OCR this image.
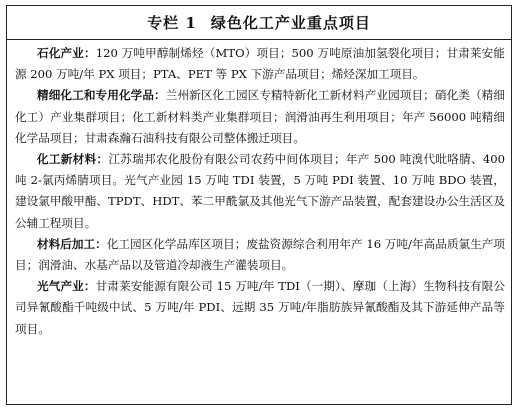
专栏 1 绿色化工产业重点项目

石化产业：120 万吨甲醇制烯烃（MTO）项目；500 万吨原油加氢裂化项目；甘肃莱安能源 200 万吨/年 PX 项目；PTA、PET 等 PX 下游产品项目；烯烃深加工项目。

精细化工和专用化学品：兰州新区化工园区专精特新化工新材料产业园项目；硝化类（精细化工）产业集群项目；化工新材料类产业集群项目；润滑油再生利用项目；年产 56000 吨精细化学品项目；甘肃森瀚石油科技有限公司整体搬迁项目。

化工新材料：江苏瑞邦农化股份有限公司农药中间体项目；年产 500 吨溴代吡咯腈、400 吨 2-氯丙烯腈项目。光气产业园 15 万吨 TDI 装置，5 万吨 PDI 装置、10 万吨 BDO 装置，建设氯甲酸甲酯、TPDT、HDT、苯二甲酰氯及其他光气下游产品装置，配套建设办公生活区及公辅工程项目。

材料后加工：化工园区化学品库区项目；废盐资源综合利用年产 16 万吨/年高品质氯生产项目；润滑油、水基产品以及管道冷却液生产灌装项目。

光气产业：甘肃莱安能源有限公司 15 万吨/年 TDI（一期）、摩珈（上海）生物科技有限公司异氰酸酯千吨级中试、5 万吨/年 PDI、远期 35 万吨/年脂肪族异氰酸酯及其下游延伸产品等项目。
